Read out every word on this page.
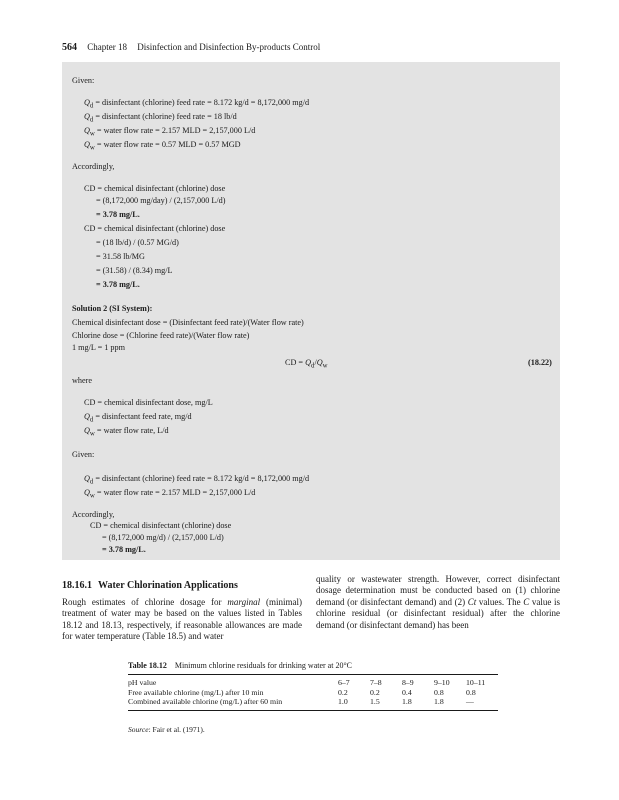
564 Chapter 18 Disinfection and Disinfection By-products Control
Given:
$Q_d$ = disinfectant (chlorine) feed rate = 8.172 kg/d = 8,172,000 mg/d
$Q_d$ = disinfectant (chlorine) feed rate = 18 lb/d
$Q_w$ = water flow rate = 2.157 MLD = 2,157,000 L/d
$Q_w$ = water flow rate = 0.57 MLD = 0.57 MGD
Accordingly,
CD = chemical disinfectant (chlorine) dose
= (8,172,000 mg/day) / (2,157,000 L/d)
= 3.78 mg/L.
CD = chemical disinfectant (chlorine) dose
= (18 lb/d) / (0.57 MG/d)
= 31.58 lb/MG
= (31.58) / (8.34) mg/L
= 3.78 mg/L.
Solution 2 (SI System):
Chemical disinfectant dose = (Disinfectant feed rate)/(Water flow rate)
Chlorine dose = (Chlorine feed rate)/(Water flow rate)
1 mg/L = 1 ppm
CD = $Q_d/Q_w$	(18.22)
where
CD = chemical disinfectant dose, mg/L
$Q_d$ = disinfectant feed rate, mg/d
$Q_w$ = water flow rate, L/d
Given:
$Q_d$ = disinfectant (chlorine) feed rate = 8.172 kg/d = 8,172,000 mg/d
$Q_w$ = water flow rate = 2.157 MLD = 2,157,000 L/d
Accordingly,
CD = chemical disinfectant (chlorine) dose
= (8,172,000 mg/d) / (2,157,000 L/d)
= 3.78 mg/L.
18.16.1 Water Chlorination Applications
Rough estimates of chlorine dosage for marginal (minimal) treatment of water may be based on the values listed in Tables 18.12 and 18.13, respectively, if reasonable allowances are made for water temperature (Table 18.5) and water
quality or wastewater strength. However, correct disinfectant dosage determination must be conducted based on (1) chlorine demand (or disinfectant demand) and (2) Ct values. The C value is chlorine residual (or disinfectant residual) after the chlorine demand (or disinfectant demand) has been
Table 18.12 Minimum chlorine residuals for drinking water at 20°C
pH value	6–7	7–8	8–9	9–10	10–11
Free available chlorine (mg/L) after 10 min	0.2	0.2	0.4	0.8	0.8
Combined available chlorine (mg/L) after 60 min	1.0	1.5	1.8	1.8	—
Source: Fair et al. (1971).
